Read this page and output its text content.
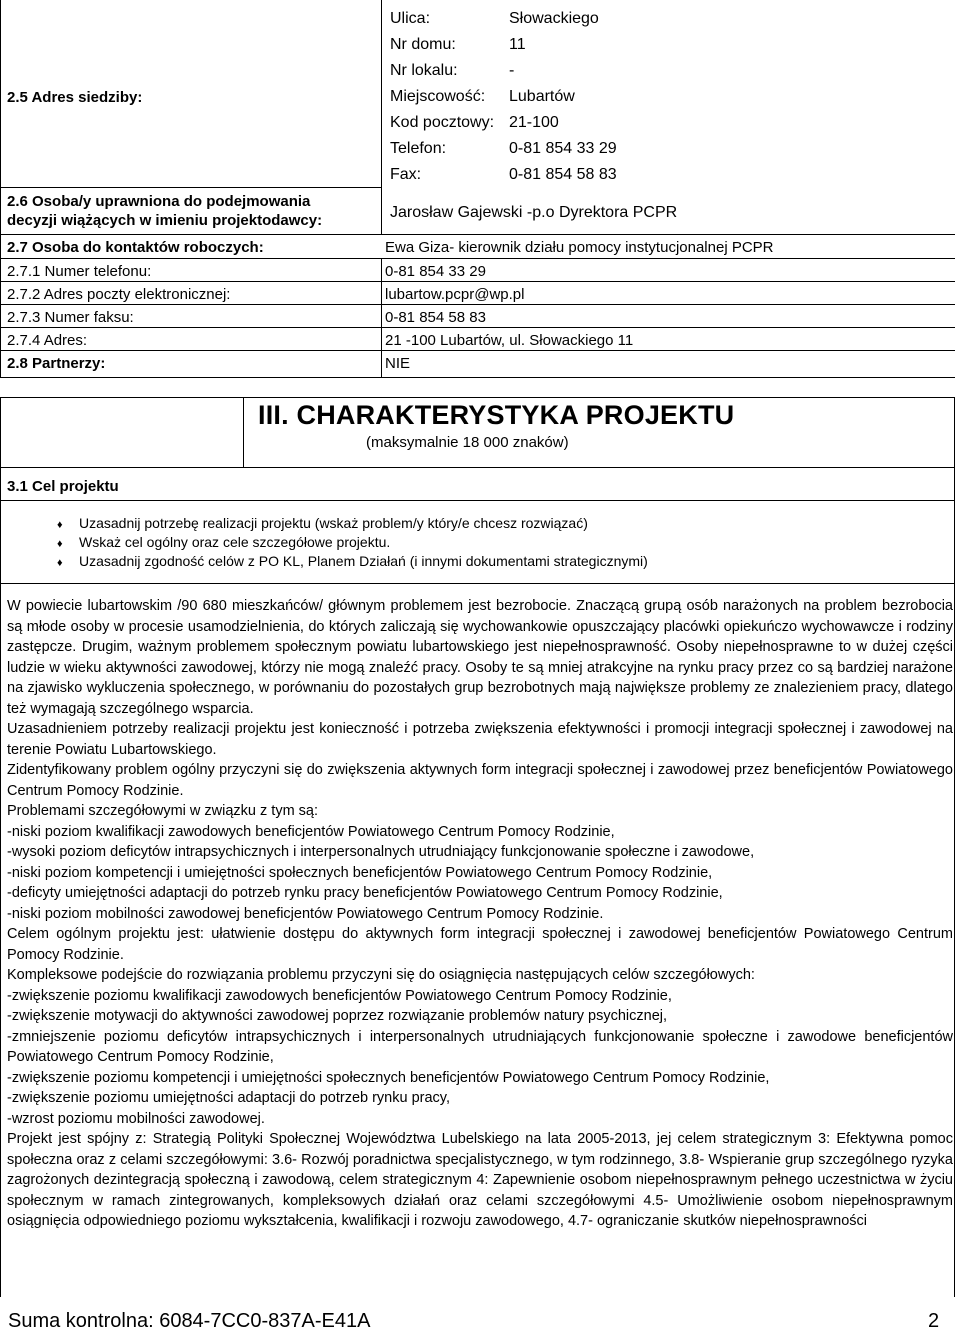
2.5 Adres siedziby:
Ulica:	Słowackiego
Nr domu:	11
Nr lokalu:	-
Miejscowość: Lubartów
Kod pocztowy: 21-100
Telefon:	0-81 854 33 29
Fax:	0-81 854 58 83
2.6 Osoba/y uprawniona do podejmowania
decyzji wiążących w imieniu projektodawcy:	Jarosław Gajewski -p.o Dyrektora PCPR
2.7 Osoba do kontaktów roboczych:	Ewa Giza- kierownik działu pomocy instytucjonalnej PCPR
2.7.1 Numer telefonu:	0-81 854 33 29
2.7.2 Adres poczty elektronicznej:	lubartow.pcpr@wp.pl
2.7.3 Numer faksu:	0-81 854 58 83
2.7.4 Adres:	21 -100 Lubartów, ul. Słowackiego 11
2.8 Partnerzy:	NIE
III. CHARAKTERYSTYKA PROJEKTU
(maksymalnie 18 000 znaków)
3.1 Cel projektu
♦ Uzasadnij potrzebę realizacji projektu (wskaż problem/y który/e chcesz rozwiązać)
♦ Wskaż cel ogólny oraz cele szczegółowe projektu.
♦ Uzasadnij zgodność celów z PO KL, Planem Działań (i innymi dokumentami strategicznymi)

W powiecie lubartowskim /90 680 mieszkańców/ głównym problemem jest bezrobocie. Znaczącą grupą osób narażonych na problem bezrobocia są młode osoby w procesie usamodzielnienia, do których zaliczają się wychowankowie opuszczający placówki opiekuńczo wychowawcze i rodziny zastępcze. Drugim, ważnym problemem społecznym powiatu lubartowskiego jest niepełnosprawność. Osoby niepełnosprawne to w dużej części ludzie w wieku aktywności zawodowej, którzy nie mogą znaleźć pracy. Osoby te są mniej atrakcyjne na rynku pracy przez co są bardziej narażone na zjawisko wykluczenia społecznego, w porównaniu do pozostałych grup bezrobotnych mają największe problemy ze znalezieniem pracy, dlatego też wymagają szczególnego wsparcia.

Uzasadnieniem potrzeby realizacji projektu jest konieczność i potrzeba zwiększenia efektywności i promocji integracji społecznej i zawodowej na terenie Powiatu Lubartowskiego.

Zidentyfikowany problem ogólny przyczyni się do zwiększenia aktywnych form integracji społecznej i zawodowej przez beneficjentów Powiatowego Centrum Pomocy Rodzinie.

Problemami szczegółowymi w związku z tym są:

-niski poziom kwalifikacji zawodowych beneficjentów Powiatowego Centrum Pomocy Rodzinie,

-wysoki poziom deficytów intrapsychicznych i interpersonalnych utrudniający funkcjonowanie społeczne i zawodowe,

-niski poziom kompetencji i umiejętności społecznych beneficjentów Powiatowego Centrum Pomocy Rodzinie,

-deficyty umiejętności adaptacji do potrzeb rynku pracy beneficjentów Powiatowego Centrum Pomocy Rodzinie,

-niski poziom mobilności zawodowej beneficjentów Powiatowego Centrum Pomocy Rodzinie.

Celem ogólnym projektu jest: ułatwienie dostępu do aktywnych form integracji społecznej i zawodowej beneficjentów Powiatowego Centrum Pomocy Rodzinie.

Kompleksowe podejście do rozwiązania problemu przyczyni się do osiągnięcia następujących celów szczegółowych:

-zwiększenie poziomu kwalifikacji zawodowych beneficjentów Powiatowego Centrum Pomocy Rodzinie,

-zwiększenie motywacji do aktywności zawodowej poprzez rozwiązanie problemów natury psychicznej,

-zmniejszenie poziomu deficytów intrapsychicznych i interpersonalnych utrudniających funkcjonowanie społeczne i zawodowe beneficjentów Powiatowego Centrum Pomocy Rodzinie,

-zwiększenie poziomu kompetencji i umiejętności społecznych beneficjentów Powiatowego Centrum Pomocy Rodzinie,

-zwiększenie poziomu umiejętności adaptacji do potrzeb rynku pracy,

-wzrost poziomu mobilności zawodowej.

Projekt jest spójny z: Strategią Polityki Społecznej Województwa Lubelskiego na lata 2005-2013, jej celem strategicznym 3: Efektywna pomoc społeczna oraz z celami szczegółowymi: 3.6- Rozwój poradnictwa specjalistycznego, w tym rodzinnego, 3.8- Wspieranie grup szczególnego ryzyka zagrożonych dezintegracją społeczną i zawodową, celem strategicznym 4: Zapewnienie osobom niepełnosprawnym pełnego uczestnictwa w życiu społecznym w ramach zintegrowanych, kompleksowych działań oraz celami szczegółowymi 4.5- Umożliwienie osobom niepełnosprawnym osiągnięcia odpowiedniego poziomu wykształcenia, kwalifikacji i rozwoju zawodowego, 4.7- ograniczanie skutków niepełnosprawności

Suma kontrolna: 6084-7CC0-837A-E41A	2
